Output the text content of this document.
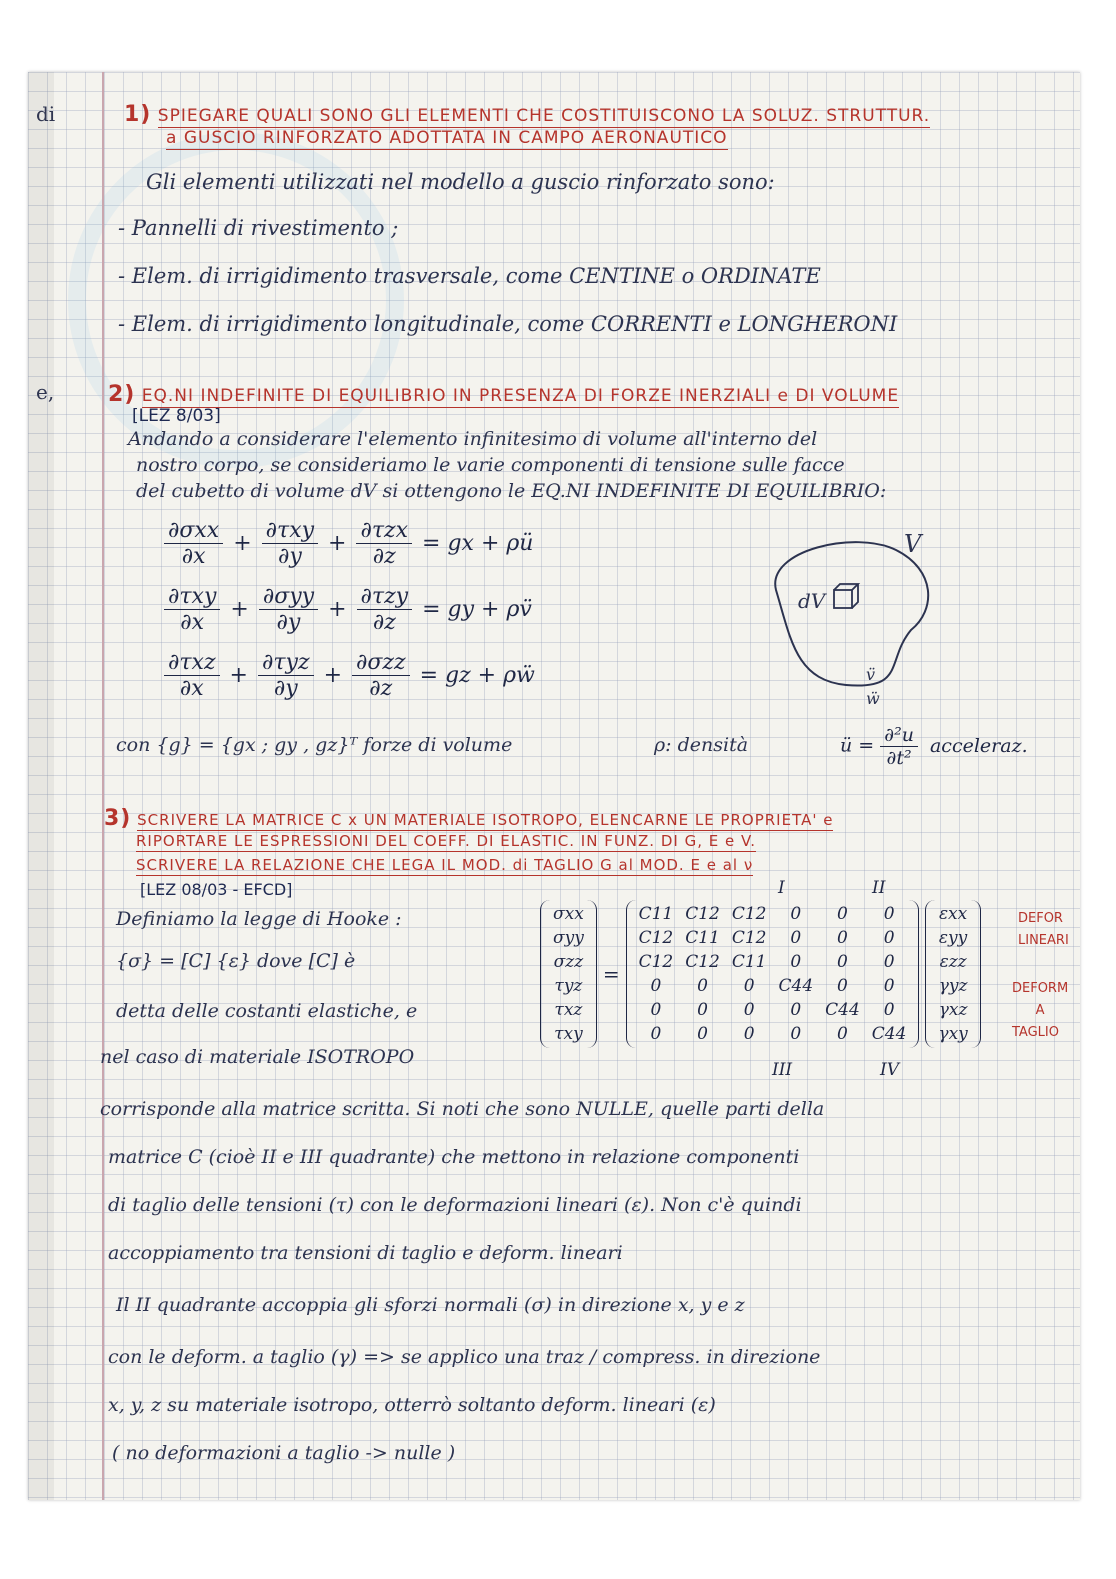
di
e,
1) SPIEGARE QUALI SONO GLI ELEMENTI CHE COSTITUISCONO LA SOLUZ. STRUTTUR.
a GUSCIO RINFORZATO ADOTTATA IN CAMPO AERONAUTICO
Gli elementi utilizzati nel modello a guscio rinforzato sono:
- Pannelli di rivestimento ;
- Elem. di irrigidimento trasversale, come CENTINE o ORDINATE
- Elem. di irrigidimento longitudinale, come CORRENTI e LONGHERONI
2) EQ.NI INDEFINITE DI EQUILIBRIO IN PRESENZA DI FORZE INERZIALI e DI VOLUME
[LEZ 8/03]
Andando a considerare l'elemento infinitesimo di volume all'interno del
nostro corpo, se consideriamo le varie componenti di tensione sulle facce
del cubetto di volume dV si ottengono le EQ.NI INDEFINITE DI EQUILIBRIO:
$\frac{\text{∂σxx}}{\partial x} + \frac{\text{∂τxy}}{\partial y} + \frac{\text{∂τzx}}{\partial z}$ = gx + ρü
$\frac{\text{∂τxy}}{\partial x} + \frac{\text{∂σyy}}{\partial y} + \frac{\text{∂τzy}}{\partial z}$ = gy + ρv̈
$\frac{\text{∂τxz}}{\partial x} + \frac{\text{∂τyz}}{\partial y} + \frac{\text{∂σzz}}{\partial z}$ = gz + ρẅ
dV
V
v̈
ẅ
con {g} = {gx ; gy , gz}ᵀ forze di volume	ρ: densità	ü = $\frac{\text{∂²u}}{\text{∂t²}}$ acceleraz.
3) SCRIVERE LA MATRICE C x UN MATERIALE ISOTROPO, ELENCARNE LE PROPRIETA' e
RIPORTARE LE ESPRESSIONI DEL COEFF. DI ELASTIC. IN FUNZ. DI G, E e V.
SCRIVERE LA RELAZIONE CHE LEGA IL MOD. di TAGLIO G al MOD. E e al ν
[LEZ 08/03 - EFCD]
Definiamo la legge di Hooke :
{σ} = [C] {ε} dove [C] è
detta delle costanti elastiche, e
nel caso di materiale ISOTROPO
σxx
σyy
σzz
τyz
τxz
τxy
=
C11	C12	C12	0	0	0
C12	C11	C12	0	0	0
C12	C12	C11	0	0	0
0	0	0	C44	0	0
0	0	0	0	C44	0
0	0	0	0	0	C44
εxx
εyy
εzz
γyz
γxz
γxy
I	II
III	IV
DEFOR
LINEARI
DEFORM
A
TAGLIO
corrisponde alla matrice scritta. Si noti che sono NULLE, quelle parti della
matrice C (cioè II e III quadrante) che mettono in relazione componenti
di taglio delle tensioni (τ) con le deformazioni lineari (ε). Non c'è quindi
accoppiamento tra tensioni di taglio e deform. lineari
Il II quadrante accoppia gli sforzi normali (σ) in direzione x, y e z
con le deform. a taglio (γ) => se applico una traz / compress. in direzione
x, y, z su materiale isotropo, otterrò soltanto deform. lineari (ε)
( no deformazioni a taglio -> nulle )
